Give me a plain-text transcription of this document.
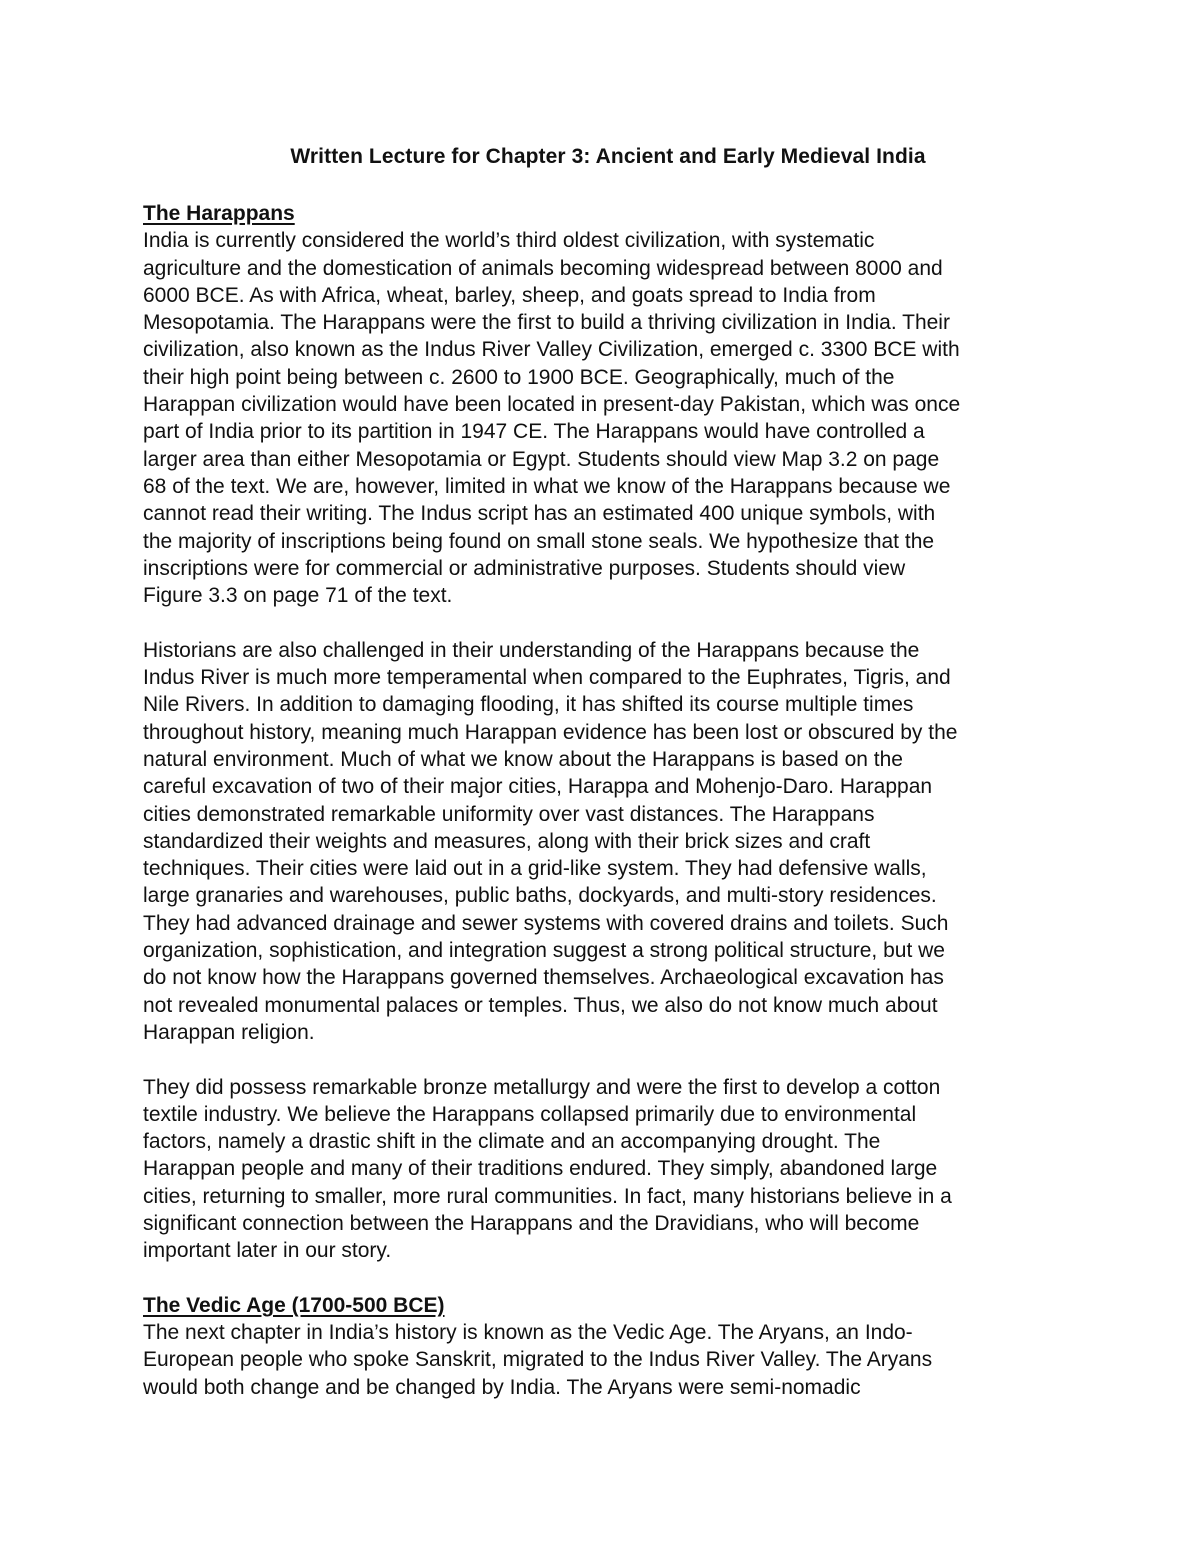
Written Lecture for Chapter 3: Ancient and Early Medieval India
The Harappans

India is currently considered the world’s third oldest civilization, with systematic
agriculture and the domestication of animals becoming widespread between 8000 and
6000 BCE. As with Africa, wheat, barley, sheep, and goats spread to India from
Mesopotamia. The Harappans were the first to build a thriving civilization in India. Their
civilization, also known as the Indus River Valley Civilization, emerged c. 3300 BCE with
their high point being between c. 2600 to 1900 BCE. Geographically, much of the
Harappan civilization would have been located in present-day Pakistan, which was once
part of India prior to its partition in 1947 CE. The Harappans would have controlled a
larger area than either Mesopotamia or Egypt. Students should view Map 3.2 on page
68 of the text. We are, however, limited in what we know of the Harappans because we
cannot read their writing. The Indus script has an estimated 400 unique symbols, with
the majority of inscriptions being found on small stone seals. We hypothesize that the
inscriptions were for commercial or administrative purposes. Students should view
Figure 3.3 on page 71 of the text.

Historians are also challenged in their understanding of the Harappans because the
Indus River is much more temperamental when compared to the Euphrates, Tigris, and
Nile Rivers. In addition to damaging flooding, it has shifted its course multiple times
throughout history, meaning much Harappan evidence has been lost or obscured by the
natural environment. Much of what we know about the Harappans is based on the
careful excavation of two of their major cities, Harappa and Mohenjo-Daro. Harappan
cities demonstrated remarkable uniformity over vast distances. The Harappans
standardized their weights and measures, along with their brick sizes and craft
techniques. Their cities were laid out in a grid-like system. They had defensive walls,
large granaries and warehouses, public baths, dockyards, and multi-story residences.
They had advanced drainage and sewer systems with covered drains and toilets. Such
organization, sophistication, and integration suggest a strong political structure, but we
do not know how the Harappans governed themselves. Archaeological excavation has
not revealed monumental palaces or temples. Thus, we also do not know much about
Harappan religion.

They did possess remarkable bronze metallurgy and were the first to develop a cotton
textile industry. We believe the Harappans collapsed primarily due to environmental
factors, namely a drastic shift in the climate and an accompanying drought. The
Harappan people and many of their traditions endured. They simply, abandoned large
cities, returning to smaller, more rural communities. In fact, many historians believe in a
significant connection between the Harappans and the Dravidians, who will become
important later in our story.

The Vedic Age (1700-500 BCE)

The next chapter in India’s history is known as the Vedic Age. The Aryans, an Indo-
European people who spoke Sanskrit, migrated to the Indus River Valley. The Aryans
would both change and be changed by India. The Aryans were semi-nomadic
